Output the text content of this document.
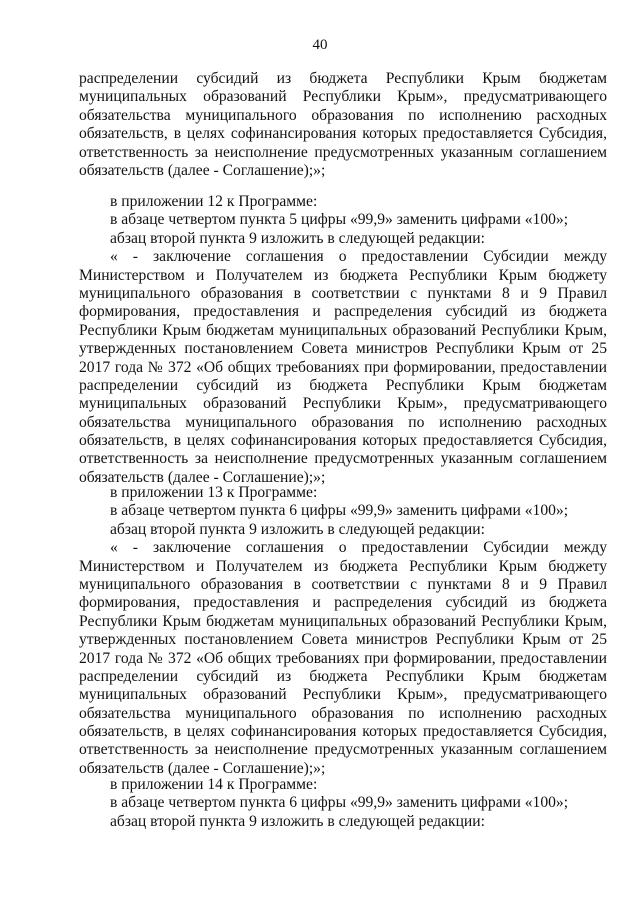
40
распределении субсидий из бюджета Республики Крым бюджетам
муниципальных образований Республики Крым», предусматривающего
обязательства муниципального образования по исполнению расходных
обязательств, в целях софинансирования которых предоставляется Субсидия,
ответственность за неисполнение предусмотренных указанным соглашением
обязательств (далее - Соглашение);»;
в приложении 12 к Программе:
в абзаце четвертом пункта 5 цифры «99,9» заменить цифрами «100»;
абзац второй пункта 9 изложить в следующей редакции:
« - заключение соглашения о предоставлении Субсидии между
Министерством и Получателем из бюджета Республики Крым бюджету
муниципального образования в соответствии с пунктами 8 и 9 Правил
формирования, предоставления и распределения субсидий из бюджета
Республики Крым бюджетам муниципальных образований Республики Крым,
утвержденных постановлением Совета министров Республики Крым от 25
2017 года № 372 «Об общих требованиях при формировании, предоставлении
распределении субсидий из бюджета Республики Крым бюджетам
муниципальных образований Республики Крым», предусматривающего
обязательства муниципального образования по исполнению расходных
обязательств, в целях софинансирования которых предоставляется Субсидия,
ответственность за неисполнение предусмотренных указанным соглашением
обязательств (далее - Соглашение);»;
в приложении 13 к Программе:
в абзаце четвертом пункта 6 цифры «99,9» заменить цифрами «100»;
абзац второй пункта 9 изложить в следующей редакции:
« - заключение соглашения о предоставлении Субсидии между
Министерством и Получателем из бюджета Республики Крым бюджету
муниципального образования в соответствии с пунктами 8 и 9 Правил
формирования, предоставления и распределения субсидий из бюджета
Республики Крым бюджетам муниципальных образований Республики Крым,
утвержденных постановлением Совета министров Республики Крым от 25
2017 года № 372 «Об общих требованиях при формировании, предоставлении
распределении субсидий из бюджета Республики Крым бюджетам
муниципальных образований Республики Крым», предусматривающего
обязательства муниципального образования по исполнению расходных
обязательств, в целях софинансирования которых предоставляется Субсидия,
ответственность за неисполнение предусмотренных указанным соглашением
обязательств (далее - Соглашение);»;
в приложении 14 к Программе:
в абзаце четвертом пункта 6 цифры «99,9» заменить цифрами «100»;
абзац второй пункта 9 изложить в следующей редакции:
